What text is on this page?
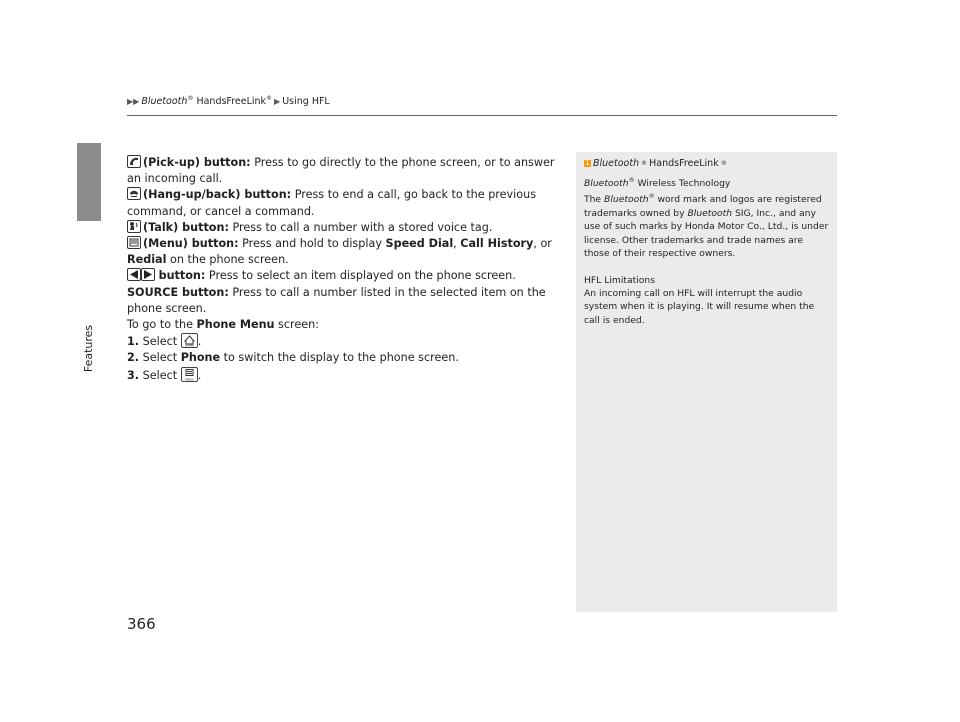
Features
▶▶ Bluetooth® HandsFreeLink® ▶ Using HFL

(Pick-up) button: Press to go directly to the phone screen, or to answer an incoming call.

(Hang-up/back) button: Press to end a call, go back to the previous command, or cancel a command.

(Talk) button: Press to call a number with a stored voice tag.

(Menu) button: Press and hold to display Speed Dial, Call History, or Redial on the phone screen.

button: Press to select an item displayed on the phone screen.

SOURCE button: Press to call a number listed in the selected item on the phone screen.

To go to the Phone Menu screen:

1. Select HOME .

2. Select Phone to switch the display to the phone screen.

3. Select MENU .

1 Bluetooth ® HandsFreeLink ®

Bluetooth® Wireless Technology

The Bluetooth® word mark and logos are registered trademarks owned by Bluetooth SIG, Inc., and any use of such marks by Honda Motor Co., Ltd., is under license. Other trademarks and trade names are those of their respective owners.

HFL Limitations

An incoming call on HFL will interrupt the audio system when it is playing. It will resume when the call is ended.

366
